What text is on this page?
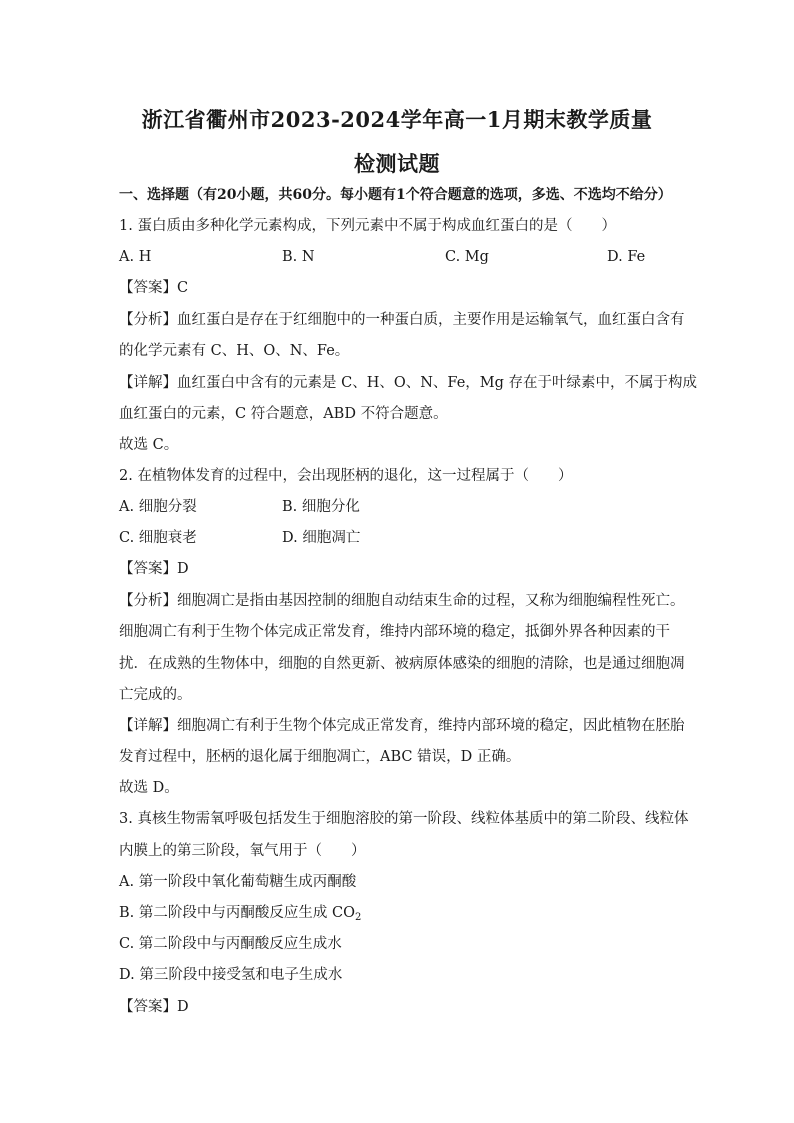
浙江省衢州市2023-2024学年高一1月期末教学质量
检测试题
一、选择题（有20小题，共60分。每小题有1个符合题意的选项，多选、不选均不给分）
1. 蛋白质由多种化学元素构成，下列元素中不属于构成血红蛋白的是（　　）
A. H	B. N	C. Mg	D. Fe
【答案】C
【分析】血红蛋白是存在于红细胞中的一种蛋白质，主要作用是运输氧气，血红蛋白含有
的化学元素有 C、H、O、N、Fe。
【详解】血红蛋白中含有的元素是 C、H、O、N、Fe，Mg 存在于叶绿素中，不属于构成
血红蛋白的元素，C 符合题意，ABD 不符合题意。
故选 C。
2. 在植物体发育的过程中，会出现胚柄的退化，这一过程属于（　　）
A. 细胞分裂	B. 细胞分化
C. 细胞衰老	D. 细胞凋亡
【答案】D
【分析】细胞凋亡是指由基因控制的细胞自动结束生命的过程，又称为细胞编程性死亡。
细胞凋亡有利于生物个体完成正常发育，维持内部环境的稳定，抵御外界各种因素的干
扰．在成熟的生物体中，细胞的自然更新、被病原体感染的细胞的清除，也是通过细胞凋
亡完成的。
【详解】细胞凋亡有利于生物个体完成正常发育，维持内部环境的稳定，因此植物在胚胎
发育过程中，胚柄的退化属于细胞凋亡，ABC 错误，D 正确。
故选 D。
3. 真核生物需氧呼吸包括发生于细胞溶胶的第一阶段、线粒体基质中的第二阶段、线粒体
内膜上的第三阶段，氧气用于（　　）
A. 第一阶段中氧化葡萄糖生成丙酮酸
B. 第二阶段中与丙酮酸反应生成 $CO_2$
C. 第二阶段中与丙酮酸反应生成水
D. 第三阶段中接受氢和电子生成水
【答案】D
